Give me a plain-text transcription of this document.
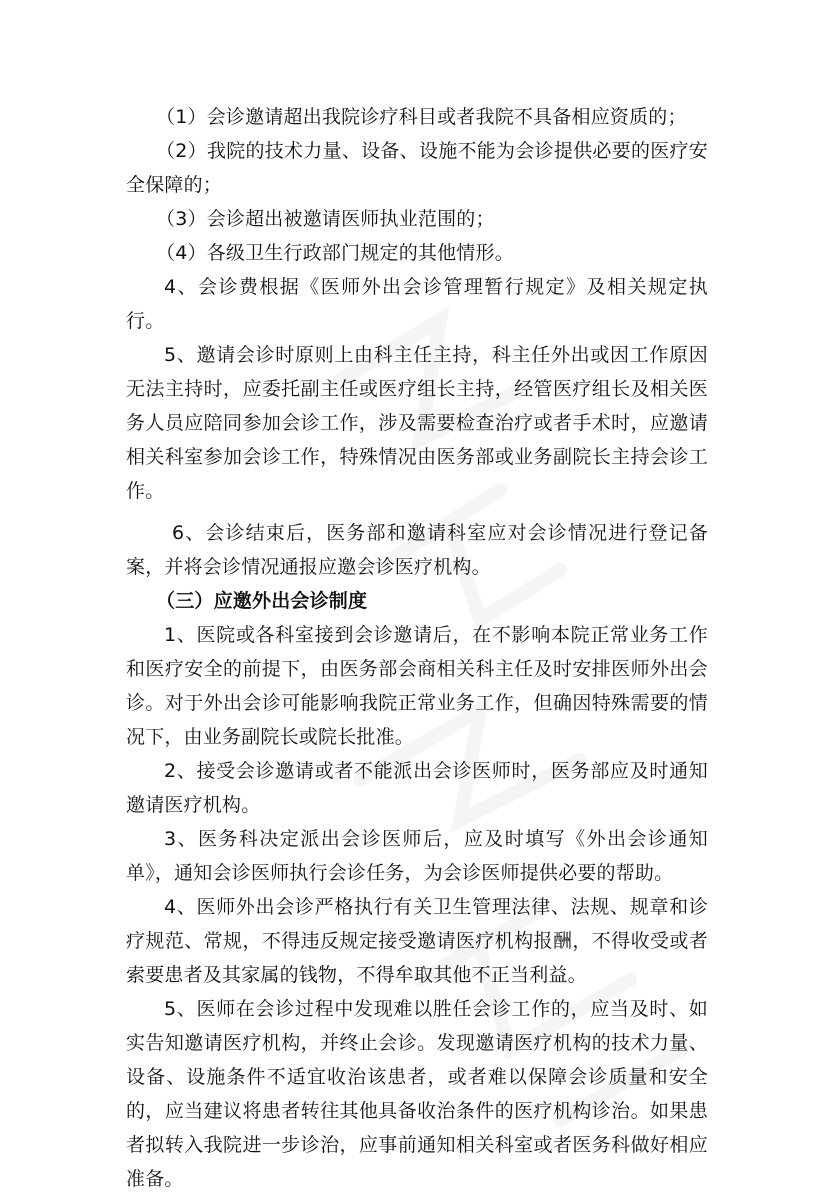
（1）会诊邀请超出我院诊疗科目或者我院不具备相应资质的；

（2）我院的技术力量、设备、设施不能为会诊提供必要的医疗安全保障的；

（3）会诊超出被邀请医师执业范围的；

（4）各级卫生行政部门规定的其他情形。

4、会诊费根据《医师外出会诊管理暂行规定》及相关规定执行。

5、邀请会诊时原则上由科主任主持，科主任外出或因工作原因无法主持时，应委托副主任或医疗组长主持，经管医疗组长及相关医务人员应陪同参加会诊工作，涉及需要检查治疗或者手术时，应邀请相关科室参加会诊工作，特殊情况由医务部或业务副院长主持会诊工作。

6、会诊结束后，医务部和邀请科室应对会诊情况进行登记备案，并将会诊情况通报应邀会诊医疗机构。

（三）应邀外出会诊制度

1、医院或各科室接到会诊邀请后，在不影响本院正常业务工作和医疗安全的前提下，由医务部会商相关科主任及时安排医师外出会诊。对于外出会诊可能影响我院正常业务工作，但确因特殊需要的情况下，由业务副院长或院长批准。

2、接受会诊邀请或者不能派出会诊医师时，医务部应及时通知邀请医疗机构。

3、医务科决定派出会诊医师后，应及时填写《外出会诊通知单》，通知会诊医师执行会诊任务，为会诊医师提供必要的帮助。

4、医师外出会诊严格执行有关卫生管理法律、法规、规章和诊疗规范、常规，不得违反规定接受邀请医疗机构报酬，不得收受或者索要患者及其家属的钱物，不得牟取其他不正当利益。

5、医师在会诊过程中发现难以胜任会诊工作的，应当及时、如实告知邀请医疗机构，并终止会诊。发现邀请医疗机构的技术力量、设备、设施条件不适宜收治该患者，或者难以保障会诊质量和安全的，应当建议将患者转往其他具备收治条件的医疗机构诊治。如果患者拟转入我院进一步诊治，应事前通知相关科室或者医务科做好相应准备。
